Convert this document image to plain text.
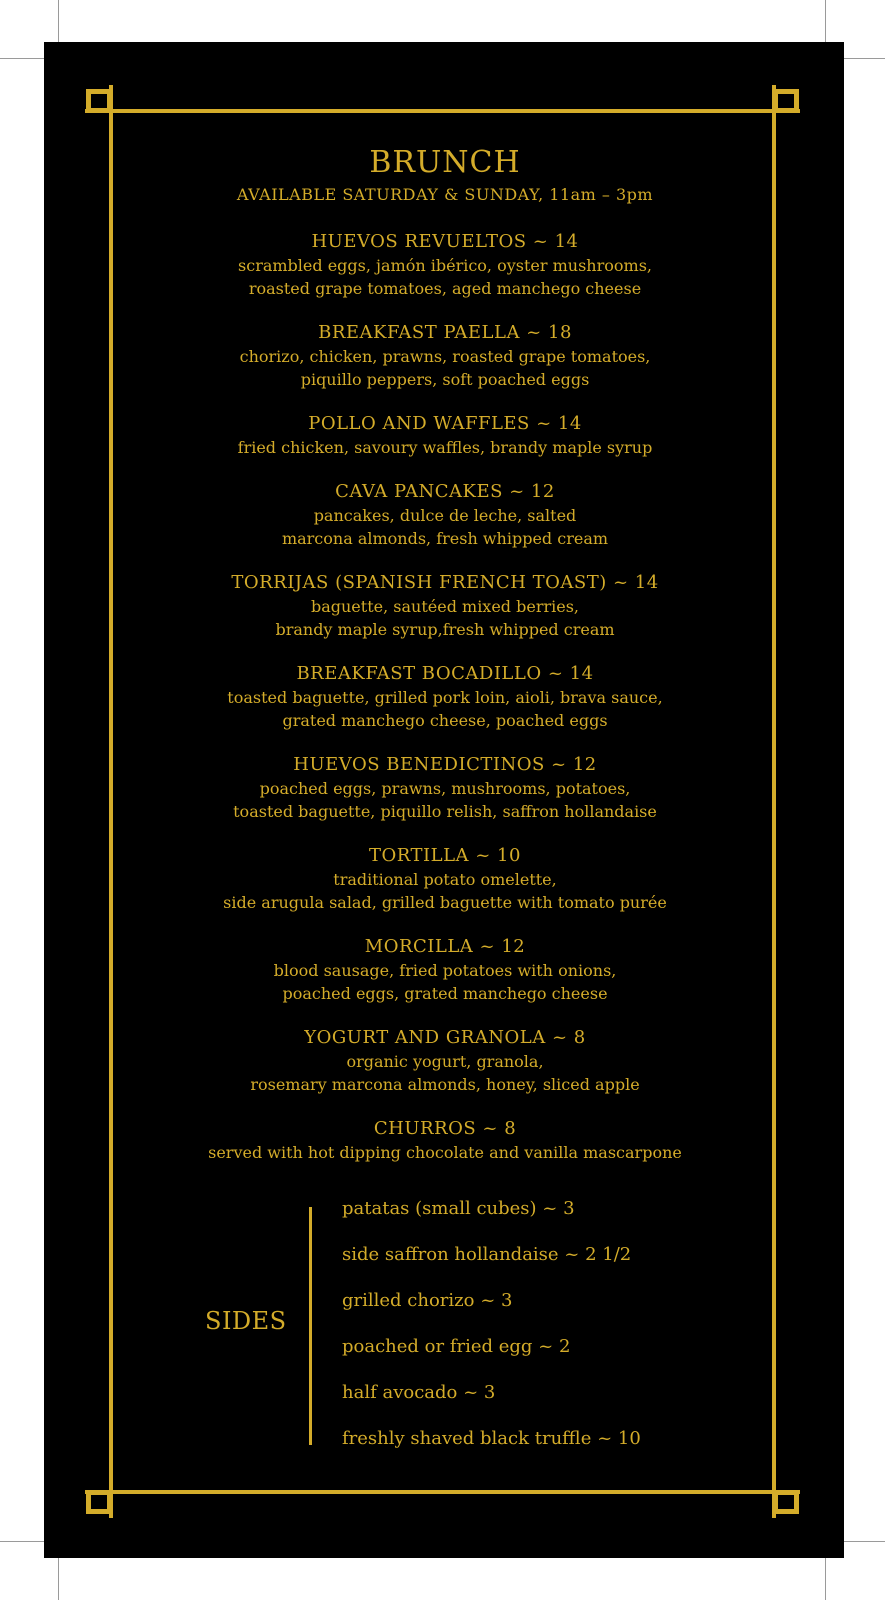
BRUNCH
AVAILABLE SATURDAY & SUNDAY, 11am – 3pm
HUEVOS REVUELTOS ~ 14
scrambled eggs, jamón ibérico, oyster mushrooms,
roasted grape tomatoes, aged manchego cheese
BREAKFAST PAELLA ~ 18
chorizo, chicken, prawns, roasted grape tomatoes,
piquillo peppers, soft poached eggs
POLLO AND WAFFLES ~ 14
fried chicken, savoury waffles, brandy maple syrup
CAVA PANCAKES ~ 12
pancakes, dulce de leche, salted
marcona almonds, fresh whipped cream
TORRIJAS (SPANISH FRENCH TOAST) ~ 14
baguette, sautéed mixed berries,
brandy maple syrup,fresh whipped cream
BREAKFAST BOCADILLO ~ 14
toasted baguette, grilled pork loin, aioli, brava sauce,
grated manchego cheese, poached eggs
HUEVOS BENEDICTINOS ~ 12
poached eggs, prawns, mushrooms, potatoes,
toasted baguette, piquillo relish, saffron hollandaise
TORTILLA ~ 10
traditional potato omelette,
side arugula salad, grilled baguette with tomato purée
MORCILLA ~ 12
blood sausage, fried potatoes with onions,
poached eggs, grated manchego cheese
YOGURT AND GRANOLA ~ 8
organic yogurt, granola,
rosemary marcona almonds, honey, sliced apple
CHURROS ~ 8
served with hot dipping chocolate and vanilla mascarpone
SIDES
patatas (small cubes) ~ 3
side saffron hollandaise ~ 2 1/2
grilled chorizo ~ 3
poached or fried egg ~ 2
half avocado ~ 3
freshly shaved black truffle ~ 10
